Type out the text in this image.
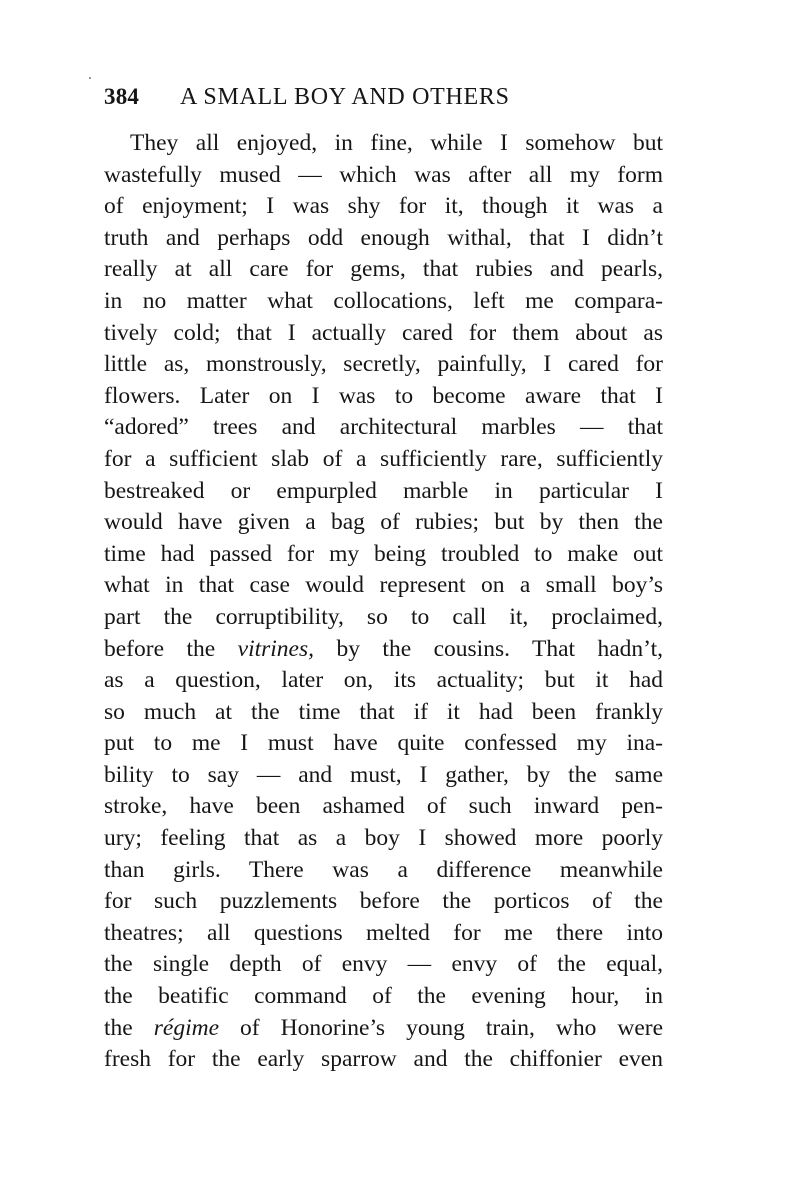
384 A SMALL BOY AND OTHERS
They all enjoyed, in fine, while I somehow but
wastefully mused — which was after all my form
of enjoyment; I was shy for it, though it was a
truth and perhaps odd enough withal, that I didn’t
really at all care for gems, that rubies and pearls,
in no matter what collocations, left me compara-
tively cold; that I actually cared for them about as
little as, monstrously, secretly, painfully, I cared for
flowers. Later on I was to become aware that I
“adored” trees and architectural marbles — that
for a sufficient slab of a sufficiently rare, sufficiently
bestreaked or empurpled marble in particular I
would have given a bag of rubies; but by then the
time had passed for my being troubled to make out
what in that case would represent on a small boy’s
part the corruptibility, so to call it, proclaimed,
before the vitrines, by the cousins. That hadn’t,
as a question, later on, its actuality; but it had
so much at the time that if it had been frankly
put to me I must have quite confessed my ina-
bility to say — and must, I gather, by the same
stroke, have been ashamed of such inward pen-
ury; feeling that as a boy I showed more poorly
than girls. There was a difference meanwhile
for such puzzlements before the porticos of the
theatres; all questions melted for me there into
the single depth of envy — envy of the equal,
the beatific command of the evening hour, in
the régime of Honorine’s young train, who were
fresh for the early sparrow and the chiffonier even
